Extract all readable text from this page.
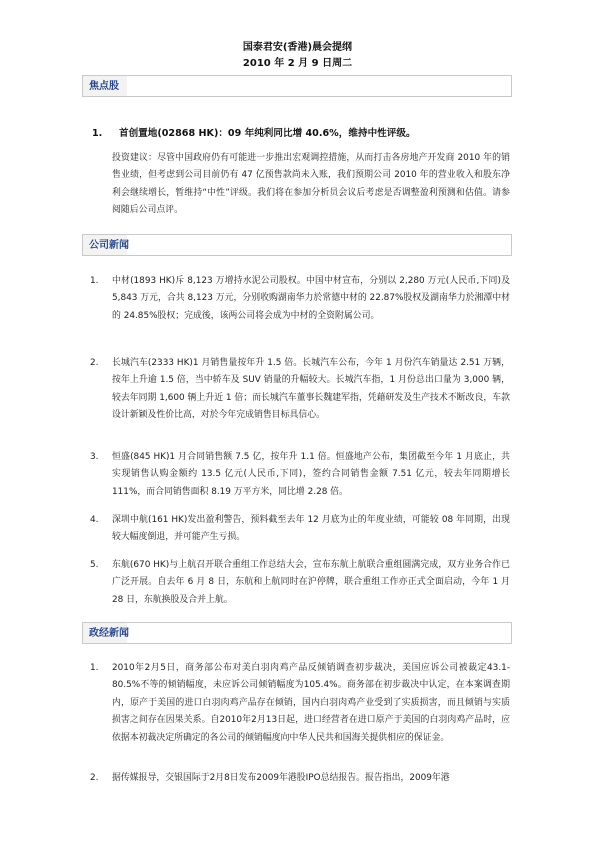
国泰君安(香港)晨会提纲
2010 年 2 月 9 日周二
焦点股
1. 首创置地(02868 HK)：09 年纯利同比增 40.6%，维持中性评级。
投资建议：尽管中国政府仍有可能进一步推出宏观调控措施，从而打击各房地产开发商 2010 年的销售业绩，但考虑到公司目前仍有 47 亿预售款尚未入账，我们预期公司 2010 年的营业收入和股东净利会继续增长，暂维持“中性”评级。我们将在参加分析员会议后考虑是否调整盈利预测和估值。请参阅随后公司点评。
公司新闻
1. 中材(1893 HK)斥 8,123 万增持水泥公司股权。中国中材宣布，分别以 2,280 万元(人民币,下同)及 5,843 万元，合共 8,123 万元，分别收购湖南华力於常德中材的 22.87%股权及湖南华力於湘潭中材的 24.85%股权；完成後，该两公司将会成为中材的全资附属公司。
2. 长城汽车(2333 HK)1 月销售量按年升 1.5 倍。长城汽车公布，今年 1 月份汽车销量达 2.51 万辆，按年上升逾 1.5 倍，当中轿车及 SUV 销量的升幅较大。长城汽车指，1 月份总出口量为 3,000 辆，较去年同期 1,600 辆上升近 1 倍；而长城汽车董事长魏建军指，凭藉研发及生产技术不断改良，车款设计新颖及性价比高，对於今年完成销售目标具信心。
3. 恒盛(845 HK)1 月合同销售额 7.5 亿，按年升 1.1 倍。恒盛地产公布，集团截至今年 1 月底止，共实现销售认购金额约 13.5 亿元(人民币,下同)，签约合同销售金额 7.51 亿元，较去年同期增长 111%，而合同销售面积 8.19 万平方米，同比增 2.28 倍。
4. 深圳中航(161 HK)发出盈利警告，预料截至去年 12 月底为止的年度业绩，可能较 08 年同期，出现较大幅度倒退，并可能产生亏损。
5. 东航(670 HK)与上航召开联合重组工作总结大会，宣布东航上航联合重组圆满完成，双方业务合作已广泛开展。自去年 6 月 8 日，东航和上航同时在沪停牌，联合重组工作亦正式全面启动，今年 1 月 28 日，东航换股及合并上航。
政经新闻
1. 2010年2月5日，商务部公布对美白羽肉鸡产品反倾销调查初步裁决，美国应诉公司被裁定43.1-80.5%不等的倾销幅度，未应诉公司倾销幅度为105.4%。商务部在初步裁决中认定，在本案调查期内，原产于美国的进口白羽肉鸡产品存在倾销，国内白羽肉鸡产业受到了实质损害，而且倾销与实质损害之间存在因果关系。自2010年2月13日起，进口经营者在进口原产于美国的白羽肉鸡产品时，应依据本初裁决定所确定的各公司的倾销幅度向中华人民共和国海关提供相应的保证金。
2. 据传媒报导，交银国际于2月8日发布2009年港股IPO总结报告。报告指出，2009年港
